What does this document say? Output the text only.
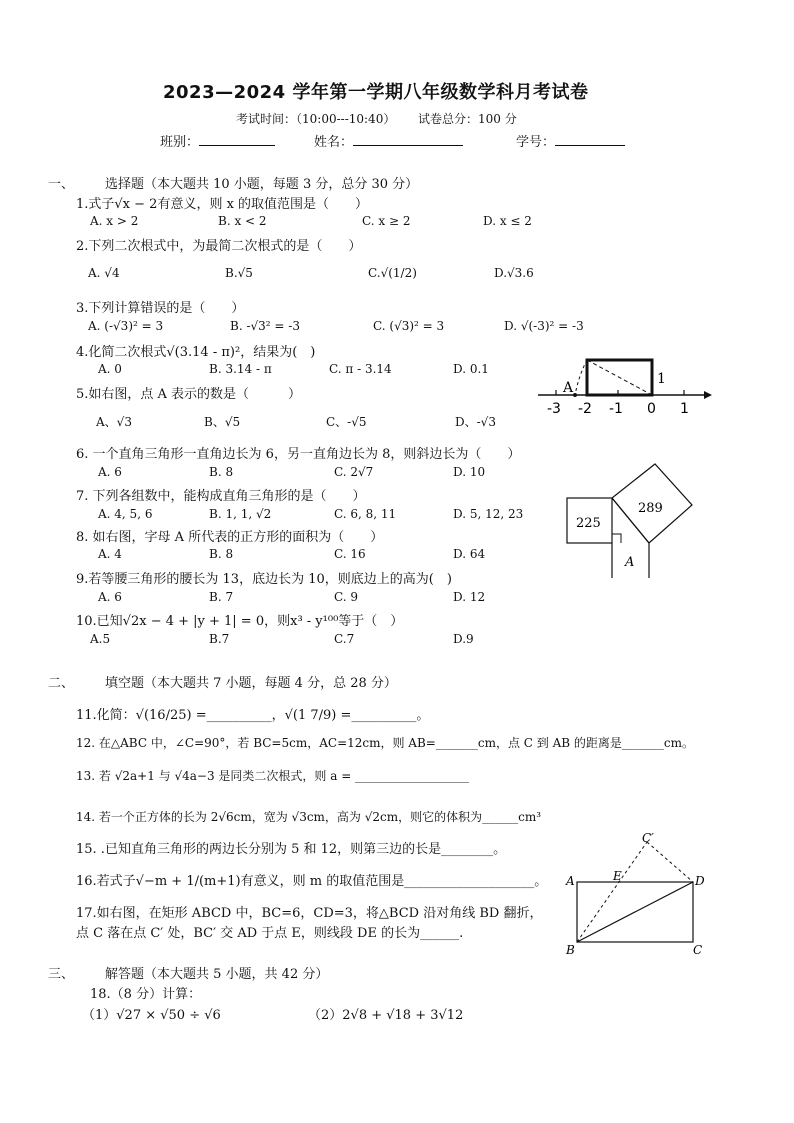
2023—2024 学年第一学期八年级数学科月考试卷
考试时间：（10:00---10:40） 试卷总分：100 分
班别：	姓名：	学号：
一、 选择题（本大题共 10 小题，每题 3 分，总分 30 分）
1.式子√x − 2有意义，则 x 的取值范围是（　　）
A. x > 2	B. x < 2	C. x ≥ 2	D. x ≤ 2
2.下列二次根式中，为最简二次根式的是（　　）
A. √4	B.√5	C.√(1/2)	D.√3.6
3.下列计算错误的是（　　）
A. (-√3)² = 3	B. -√3² = -3	C. (√3)² = 3	D. √(-3)² = -3
4.化简二次根式√(3.14 - π)²，结果为(　)
A. 0	B. 3.14 - π	C. π - 3.14	D. 0.1
5.如右图，点 A 表示的数是（　　　）
A、√3	B、√5	C、-√5	D、-√3
6. 一个直角三角形一直角边长为 6，另一直角边长为 8，则斜边长为（　　）
A. 6	B. 8	C. 2√7	D. 10
7. 下列各组数中，能构成直角三角形的是（　　）
A. 4, 5, 6	B. 1, 1, √2	C. 6, 8, 11	D. 5, 12, 23
8. 如右图，字母 A 所代表的正方形的面积为（　　）
A. 4	B. 8	C. 16	D. 64
9.若等腰三角形的腰长为 13，底边长为 10，则底边上的高为(　)
A. 6	B. 7	C. 9	D. 12
10.已知√2x − 4 + |y + 1| = 0，则x³ - y¹⁰⁰等于（　）
A.5	B.7	C.7	D.9
A
1
-3 -2 -1 0 1
225
289
A
二、 填空题（本大题共 7 小题，每题 4 分，总 28 分）
11.化简：√(16/25) =__________，√(1 7/9) =__________。
12. 在△ABC 中，∠C=90°，若 BC=5cm，AC=12cm，则 AB=_______cm，点 C 到 AB 的距离是_______cm。
13. 若 √2a+1 与 √4a−3 是同类二次根式，则 a = ___________________
14. 若一个正方体的长为 2√6cm，宽为 √3cm，高为 √2cm，则它的体积为______cm³
15. .已知直角三角形的两边长分别为 5 和 12，则第三边的长是________。
16.若式子√−m + 1/(m+1)有意义，则 m 的取值范围是____________________。
17.如右图，在矩形 ABCD 中，BC=6，CD=3，将△BCD 沿对角线 BD 翻折，
点 C 落在点 C′ 处，BC′ 交 AD 于点 E，则线段 DE 的长为______.
C′
A	E	D
B	C
三、 解答题（本大题共 5 小题，共 42 分）
18.（8 分）计算：
（1）√27 × √50 ÷ √6	（2）2√8 + √18 + 3√12
